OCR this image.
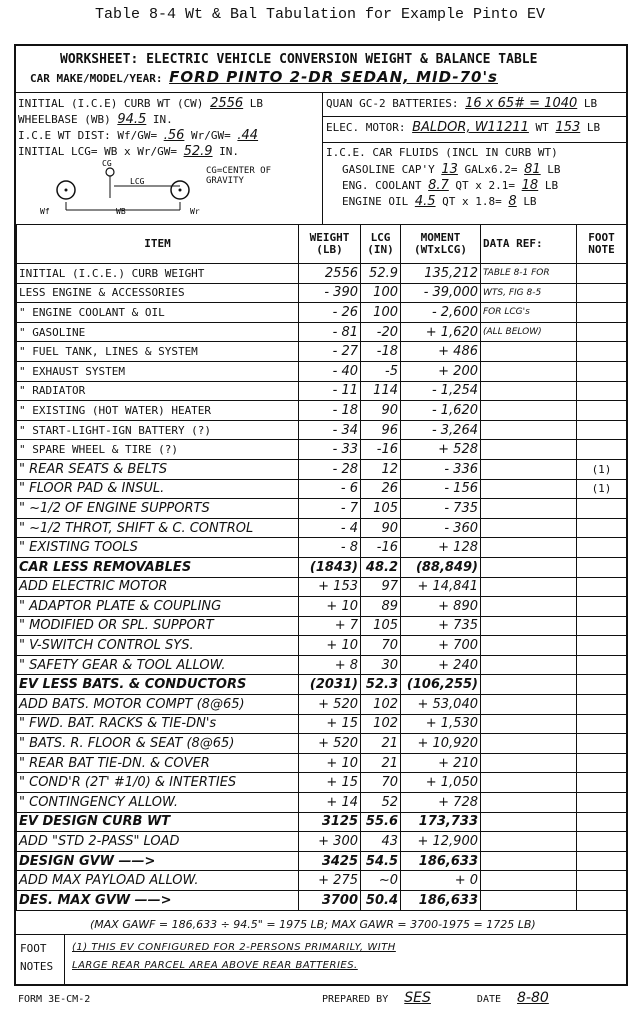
Table 8-4 Wt & Bal Tabulation for Example Pinto EV
WORKSHEET: ELECTRIC VEHICLE CONVERSION WEIGHT & BALANCE TABLE
CAR MAKE/MODEL/YEAR: FORD PINTO 2-DR SEDAN, MID-70's
INITIAL (I.C.E) CURB WT (CW) 2556 LB
WHEELBASE (WB) 94.5 IN.
I.C.E WT DIST: Wf/GW= .56 Wr/GW= .44
INITIAL LCG= WB x Wr/GW= 52.9 IN.
CG
LCG
Wf	WB	Wr
CG=CENTER OF GRAVITY
QUAN GC-2 BATTERIES: 16 x 65# = 1040 LB
ELEC. MOTOR: BALDOR, W11211 WT 153 LB
I.C.E. CAR FLUIDS (INCL IN CURB WT)
GASOLINE CAP'Y 13 GALx6.2= 81 LB
ENG. COOLANT 8.7 QT x 2.1= 18 LB
ENGINE OIL 4.5 QT x 1.8= 8 LB
ITEM	WEIGHT (LB)	LCG (IN)	MOMENT (WTxLCG)	DATA REF:	FOOT NOTE
INITIAL (I.C.E.) CURB WEIGHT	2556	52.9	135,212	TABLE 8-1 FOR	
LESS ENGINE & ACCESSORIES	- 390	100	- 39,000	WTS, FIG 8-5	
" ENGINE COOLANT & OIL	- 26	100	- 2,600	FOR LCG's	
" GASOLINE	- 81	-20	+ 1,620	(ALL BELOW)	
" FUEL TANK, LINES & SYSTEM	- 27	-18	+ 486		
" EXHAUST SYSTEM	- 40	-5	+ 200		
" RADIATOR	- 11	114	- 1,254		
" EXISTING (HOT WATER) HEATER	- 18	90	- 1,620		
" START-LIGHT-IGN BATTERY (?)	- 34	96	- 3,264		
" SPARE WHEEL & TIRE (?)	- 33	-16	+ 528		
" REAR SEATS & BELTS	- 28	12	- 336		(1)
" FLOOR PAD & INSUL.	- 6	26	- 156		(1)
" ~1/2 OF ENGINE SUPPORTS	- 7	105	- 735		
" ~1/2 THROT, SHIFT & C. CONTROL	- 4	90	- 360		
" EXISTING TOOLS	- 8	-16	+ 128		
CAR LESS REMOVABLES	(1843)	48.2	(88,849)		
ADD ELECTRIC MOTOR	+ 153	97	+ 14,841		
" ADAPTOR PLATE & COUPLING	+ 10	89	+ 890		
" MODIFIED OR SPL. SUPPORT	+ 7	105	+ 735		
" V-SWITCH CONTROL SYS.	+ 10	70	+ 700		
" SAFETY GEAR & TOOL ALLOW.	+ 8	30	+ 240		
EV LESS BATS. & CONDUCTORS	(2031)	52.3	(106,255)		
ADD BATS. MOTOR COMPT (8@65)	+ 520	102	+ 53,040		
" FWD. BAT. RACKS & TIE-DN's	+ 15	102	+ 1,530		
" BATS. R. FLOOR & SEAT (8@65)	+ 520	21	+ 10,920		
" REAR BAT TIE-DN. & COVER	+ 10	21	+ 210		
" COND'R (2T' #1/0) & INTERTIES	+ 15	70	+ 1,050		
" CONTINGENCY ALLOW.	+ 14	52	+ 728		
EV DESIGN CURB WT	3125	55.6	173,733		
ADD "STD 2-PASS" LOAD	+ 300	43	+ 12,900		
DESIGN GVW ——>	3425	54.5	186,633		
ADD MAX PAYLOAD ALLOW.	+ 275	~0	+ 0		
DES. MAX GVW ——>	3700	50.4	186,633		
(MAX GAWF = 186,633 ÷ 94.5" = 1975 LB; MAX GAWR = 3700-1975 = 1725 LB)
FOOT NOTES
(1) THIS EV CONFIGURED FOR 2-PERSONS PRIMARILY, WITH
LARGE REAR PARCEL AREA ABOVE REAR BATTERIES.
FORM 3E-CM-2	PREPARED BY SES	DATE 8-80
